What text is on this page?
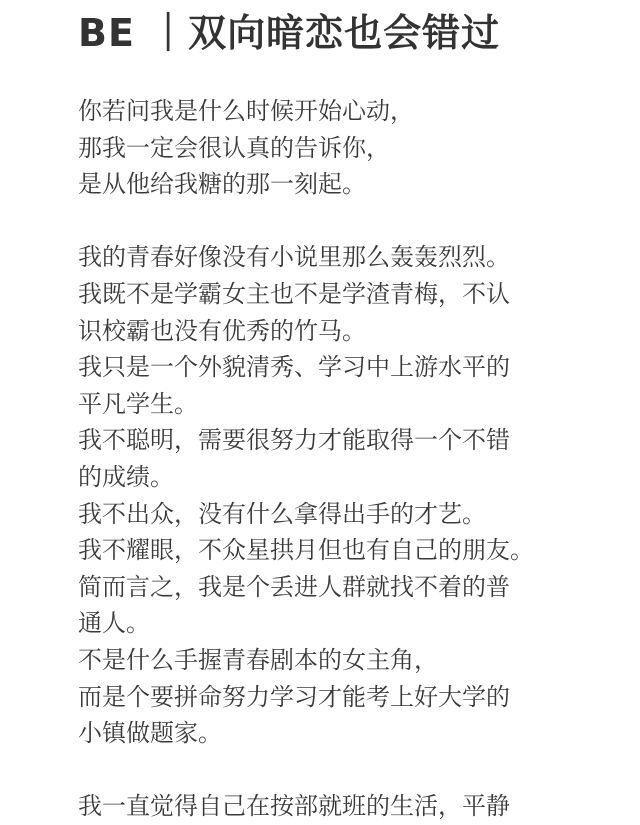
BE ｜双向暗恋也会错过
你若问我是什么时候开始心动，
那我一定会很认真的告诉你，
是从他给我糖的那一刻起。
我的青春好像没有小说里那么轰轰烈烈。
我既不是学霸女主也不是学渣青梅，不认
识校霸也没有优秀的竹马。
我只是一个外貌清秀、学习中上游水平的
平凡学生。
我不聪明，需要很努力才能取得一个不错
的成绩。
我不出众，没有什么拿得出手的才艺。
我不耀眼，不众星拱月但也有自己的朋友。
简而言之，我是个丢进人群就找不着的普
通人。
不是什么手握青春剧本的女主角，
而是个要拼命努力学习才能考上好大学的
小镇做题家。
我一直觉得自己在按部就班的生活，平静
